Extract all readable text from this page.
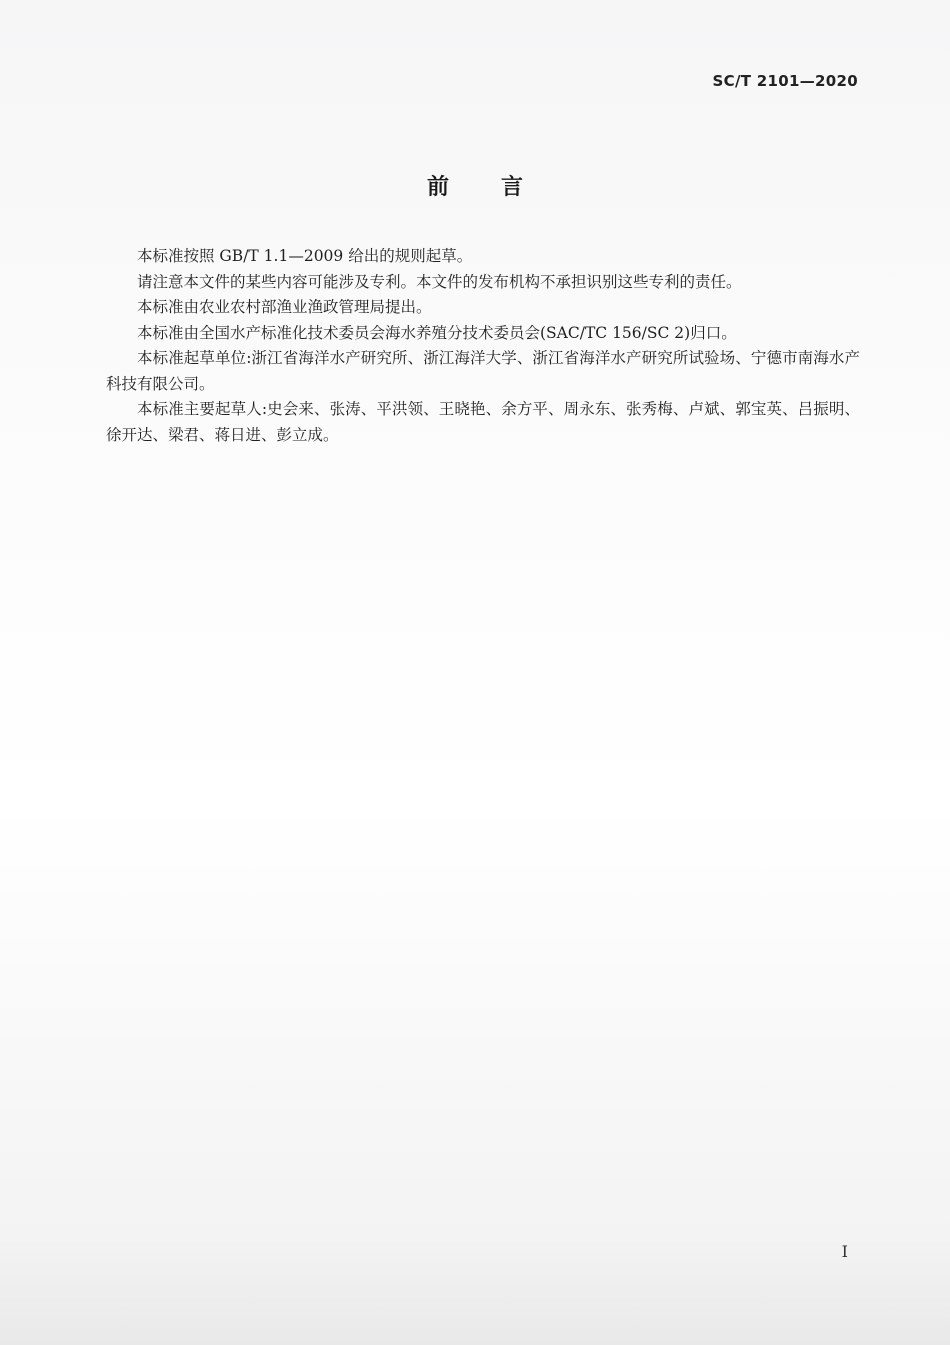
SC/T 2101—2020
前言

本标准按照 GB/T 1.1—2009 给出的规则起草。

请注意本文件的某些内容可能涉及专利。本文件的发布机构不承担识别这些专利的责任。

本标准由农业农村部渔业渔政管理局提出。

本标准由全国水产标准化技术委员会海水养殖分技术委员会(SAC/TC 156/SC 2)归口。

本标准起草单位:浙江省海洋水产研究所、浙江海洋大学、浙江省海洋水产研究所试验场、宁德市南海水产科技有限公司。

本标准主要起草人:史会来、张涛、平洪领、王晓艳、余方平、周永东、张秀梅、卢斌、郭宝英、吕振明、徐开达、梁君、蒋日进、彭立成。

I
